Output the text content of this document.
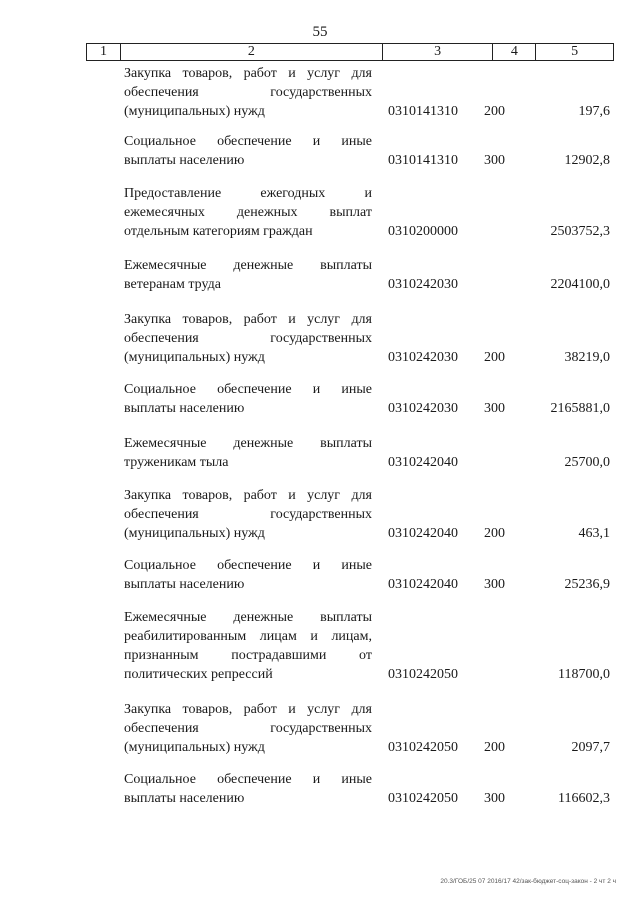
55
1	2	3	4	5
Закупка товаров, работ и услуг для обеспечения государственных (муниципальных) нужд	0310141310 200	197,6
Социальное обеспечение и иные выплаты населению	0310141310 300	12902,8
Предоставление ежегодных и ежемесячных денежных выплат отдельным категориям граждан	0310200000	2503752,3
Ежемесячные денежные выплаты ветеранам труда	0310242030	2204100,0
Закупка товаров, работ и услуг для обеспечения государственных (муниципальных) нужд	0310242030 200	38219,0
Социальное обеспечение и иные выплаты населению	0310242030 300	2165881,0
Ежемесячные денежные выплаты труженикам тыла	0310242040	25700,0
Закупка товаров, работ и услуг для обеспечения государственных (муниципальных) нужд	0310242040 200	463,1
Социальное обеспечение и иные выплаты населению	0310242040 300	25236,9
Ежемесячные денежные выплаты реабилитированным лицам и лицам, признанным пострадавшими от политических репрессий	0310242050	118700,0
Закупка товаров, работ и услуг для обеспечения государственных (муниципальных) нужд	0310242050 200	2097,7
Социальное обеспечение и иные выплаты населению	0310242050 300	116602,3
20.3/ГОБ/25 07 2016/17 42/зак-бюджет-соц-закон - 2 чт 2 ч
